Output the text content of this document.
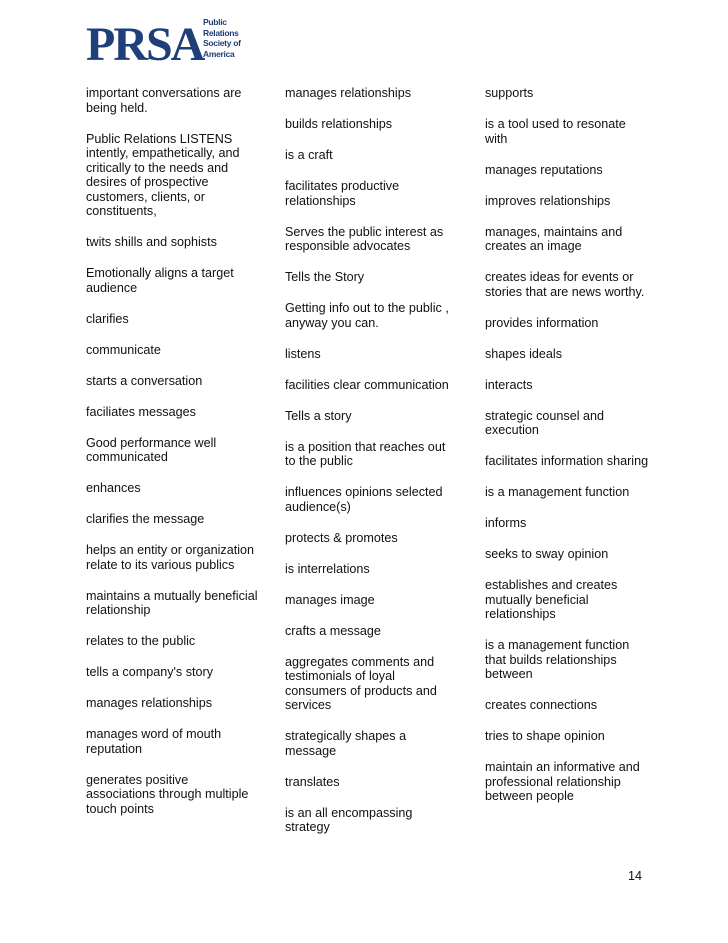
PRSA Public
Relations
Society of
America
important conversations are being held.
Public Relations LISTENS intently, empathetically, and critically to the needs and desires of prospective customers, clients, or constituents,
twits shills and sophists
Emotionally aligns a target audience
clarifies
communicate
starts a conversation
faciliates messages
Good performance well communicated
enhances
clarifies the message
helps an entity or organization relate to its various publics
maintains a mutually beneficial relationship
relates to the public
tells a company's story
manages relationships
manages word of mouth reputation
generates positive associations through multiple touch points
manages relationships
builds relationships
is a craft
facilitates productive relationships
Serves the public interest as responsible advocates
Tells the Story
Getting info out to the public , anyway you can.
listens
facilities clear communication
Tells a story
is a position that reaches out to the public
influences opinions selected audience(s)
protects & promotes
is interrelations
manages image
crafts a message
aggregates comments and testimonials of loyal consumers of products and services
strategically shapes a message
translates
is an all encompassing strategy
supports
is a tool used to resonate with
manages reputations
improves relationships
manages, maintains and creates an image
creates ideas for events or stories that are news worthy.
provides information
shapes ideals
interacts
strategic counsel and execution
facilitates information sharing
is a management function
informs
seeks to sway opinion
establishes and creates mutually beneficial relationships
is a management function that builds relationships between
creates connections
tries to shape opinion
maintain an informative and professional relationship between people
14
